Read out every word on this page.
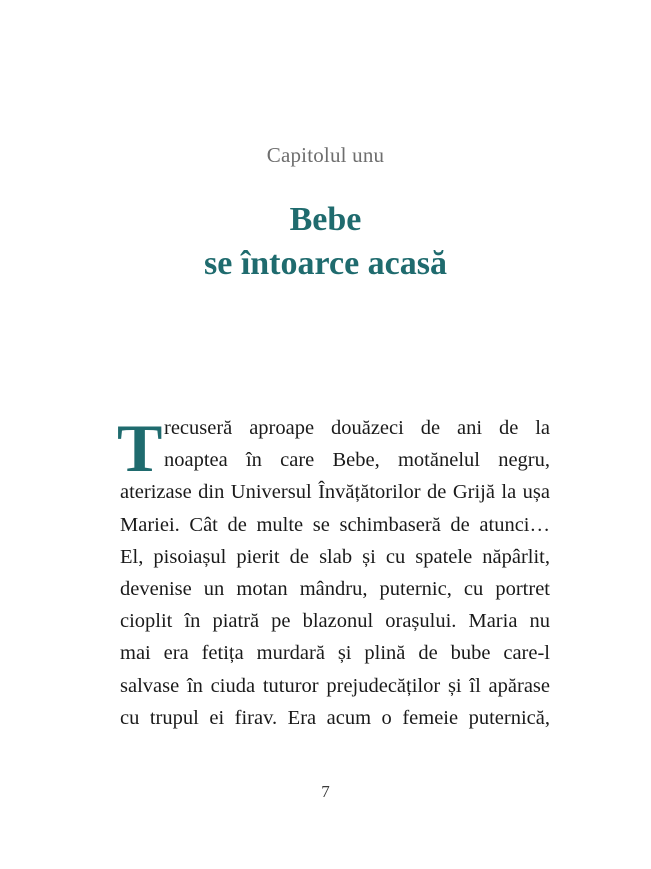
Capitolul unu
Bebe
se întoarce acasă
T recuseră aproape douăzeci de ani de la
noaptea în care Bebe, motănelul negru,
aterizase din Universul Învățătorilor de Grijă la ușa
Mariei. Cât de multe se schimbaseră de atunci…
El, pisoiașul pierit de slab și cu spatele năpârlit,
devenise un motan mândru, puternic, cu portret
cioplit în piatră pe blazonul orașului. Maria nu
mai era fetița murdară și plină de bube care-l
salvase în ciuda tuturor prejudecăților și îl apărase
cu trupul ei firav. Era acum o femeie puternică,
7
